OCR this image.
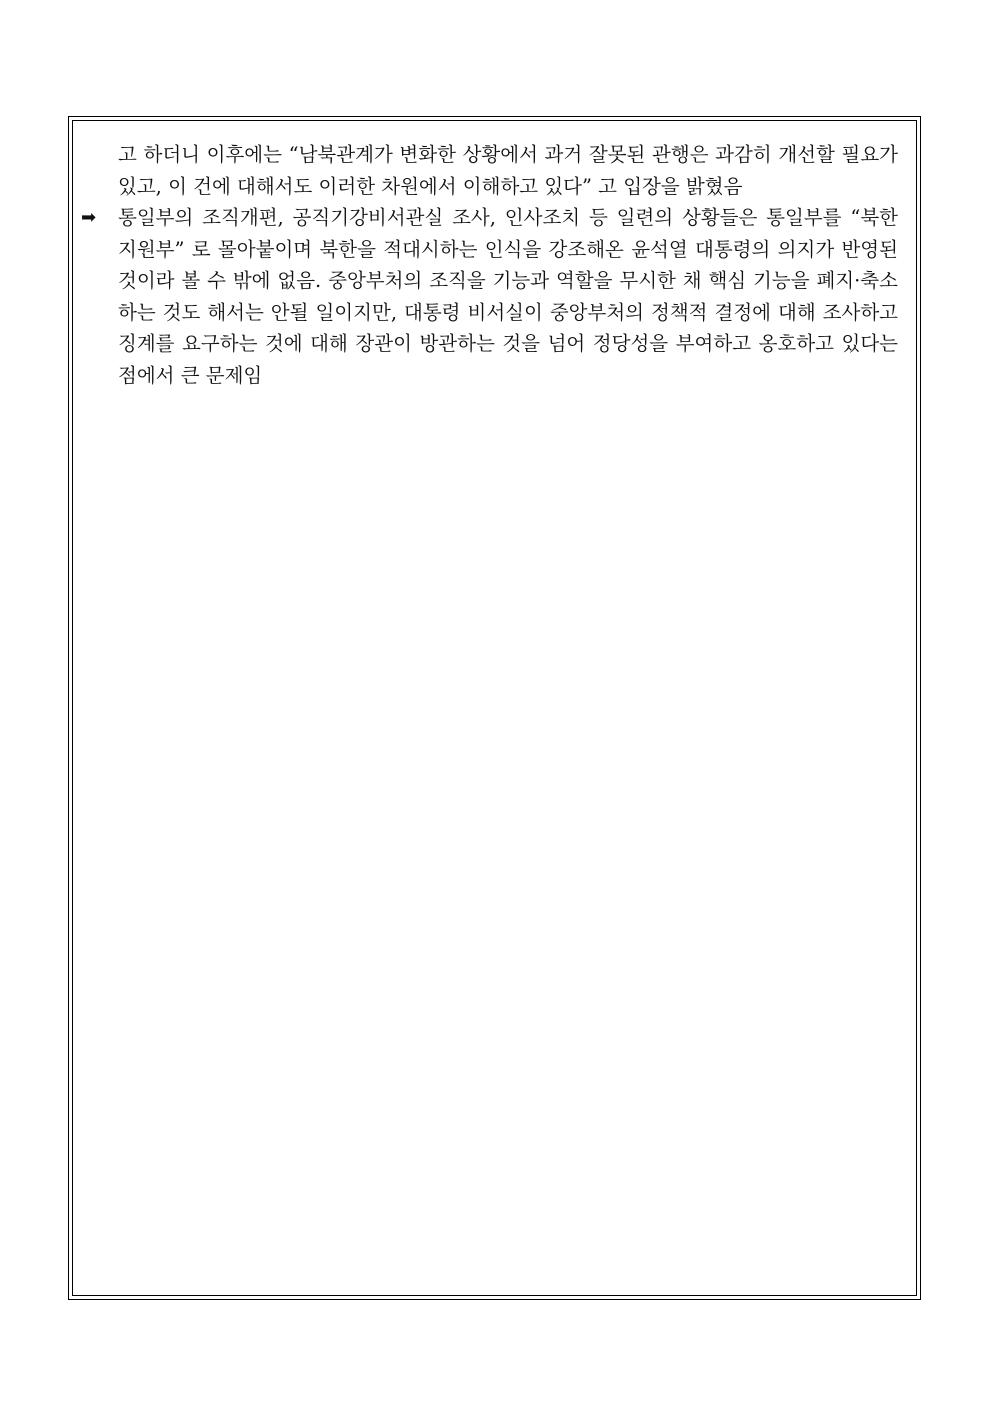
고 하더니 이후에는 “남북관계가 변화한 상황에서 과거 잘못된 관행은 과감히 개선할 필요가 있고, 이 건에 대해서도 이러한 차원에서 이해하고 있다” 고 입장을 밝혔음

➡ 통일부의 조직개편, 공직기강비서관실 조사, 인사조치 등 일련의 상황들은 통일부를 “북한 지원부” 로 몰아붙이며 북한을 적대시하는 인식을 강조해온 윤석열 대통령의 의지가 반영된 것이라 볼 수 밖에 없음. 중앙부처의 조직을 기능과 역할을 무시한 채 핵심 기능을 폐지·축소하는 것도 해서는 안될 일이지만, 대통령 비서실이 중앙부처의 정책적 결정에 대해 조사하고 징계를 요구하는 것에 대해 장관이 방관하는 것을 넘어 정당성을 부여하고 옹호하고 있다는 점에서 큰 문제임
